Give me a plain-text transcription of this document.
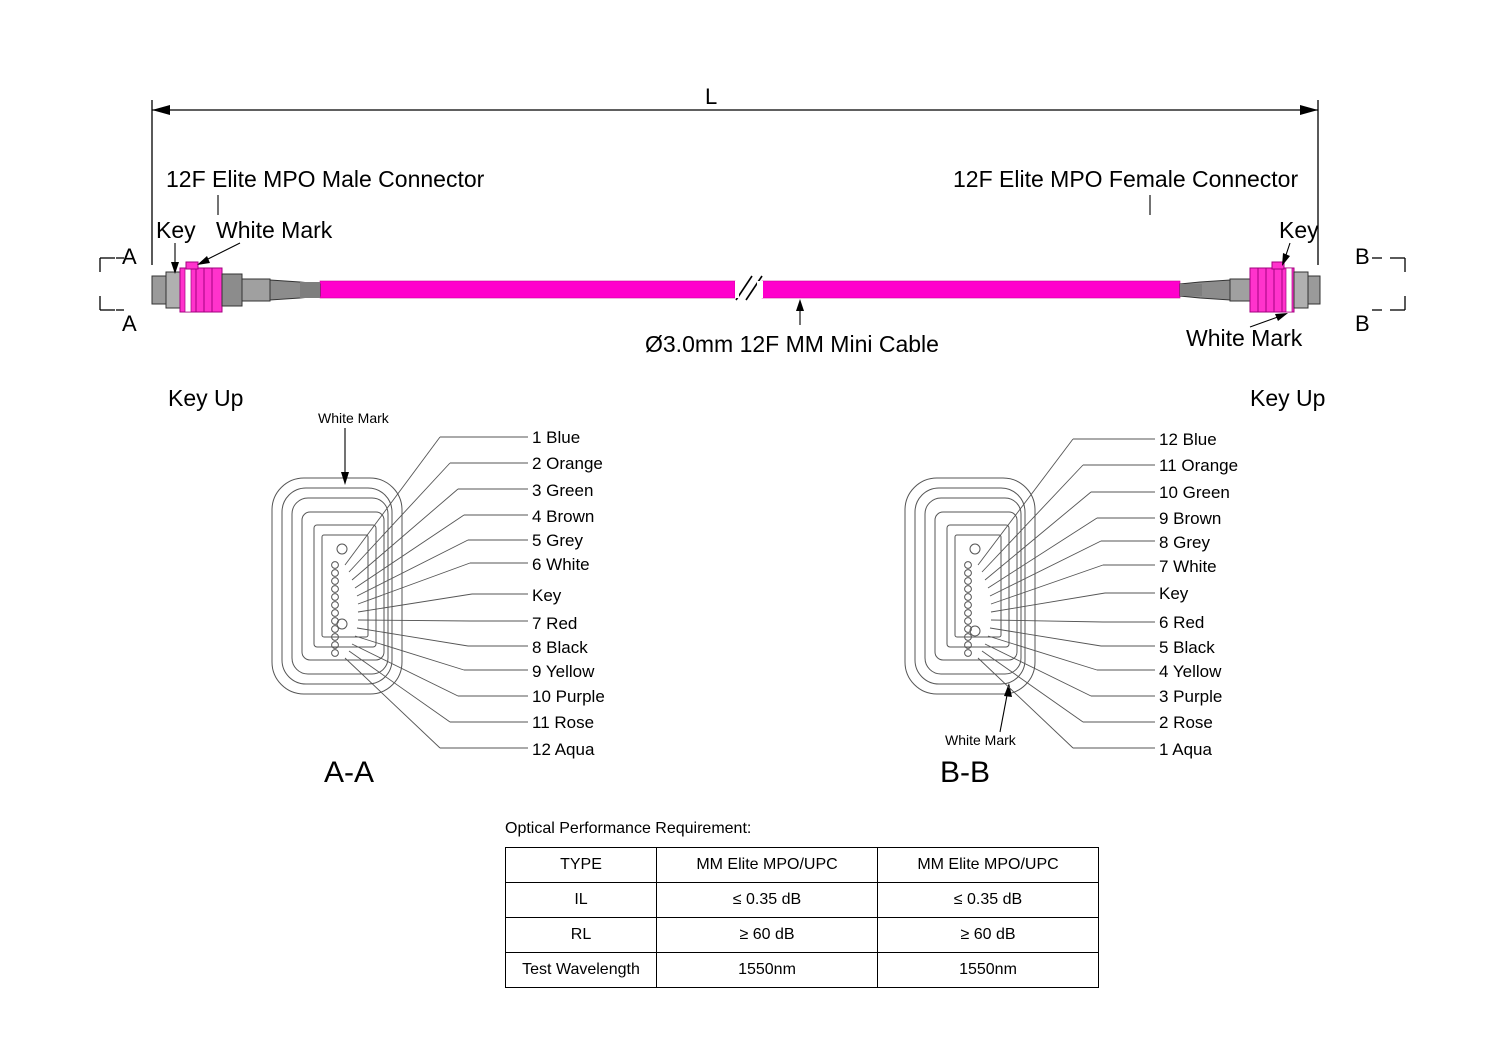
L
12F Elite MPO Male Connector	12F Elite MPO Female Connector
Key White Mark	Key
White Mark
Ø3.0mm 12F MM Mini Cable
A
A
B
B
Key Up
White Mark
A-A
1 Blue
2 Orange
3 Green
4 Brown
5 Grey
6 White
Key
7 Red
8 Black
9 Yellow
10 Purple
11 Rose
12 Aqua
Key Up
White Mark
B-B
12 Blue
11 Orange
10 Green
9 Brown
8 Grey
7 White
Key
6 Red
5 Black
4 Yellow
3 Purple
2 Rose
1 Aqua
Optical Performance Requirement:
TYPE	MM Elite MPO/UPC	MM Elite MPO/UPC
IL	≤ 0.35 dB	≤ 0.35 dB
RL	≥ 60 dB	≥ 60 dB
Test Wavelength	1550nm	1550nm
